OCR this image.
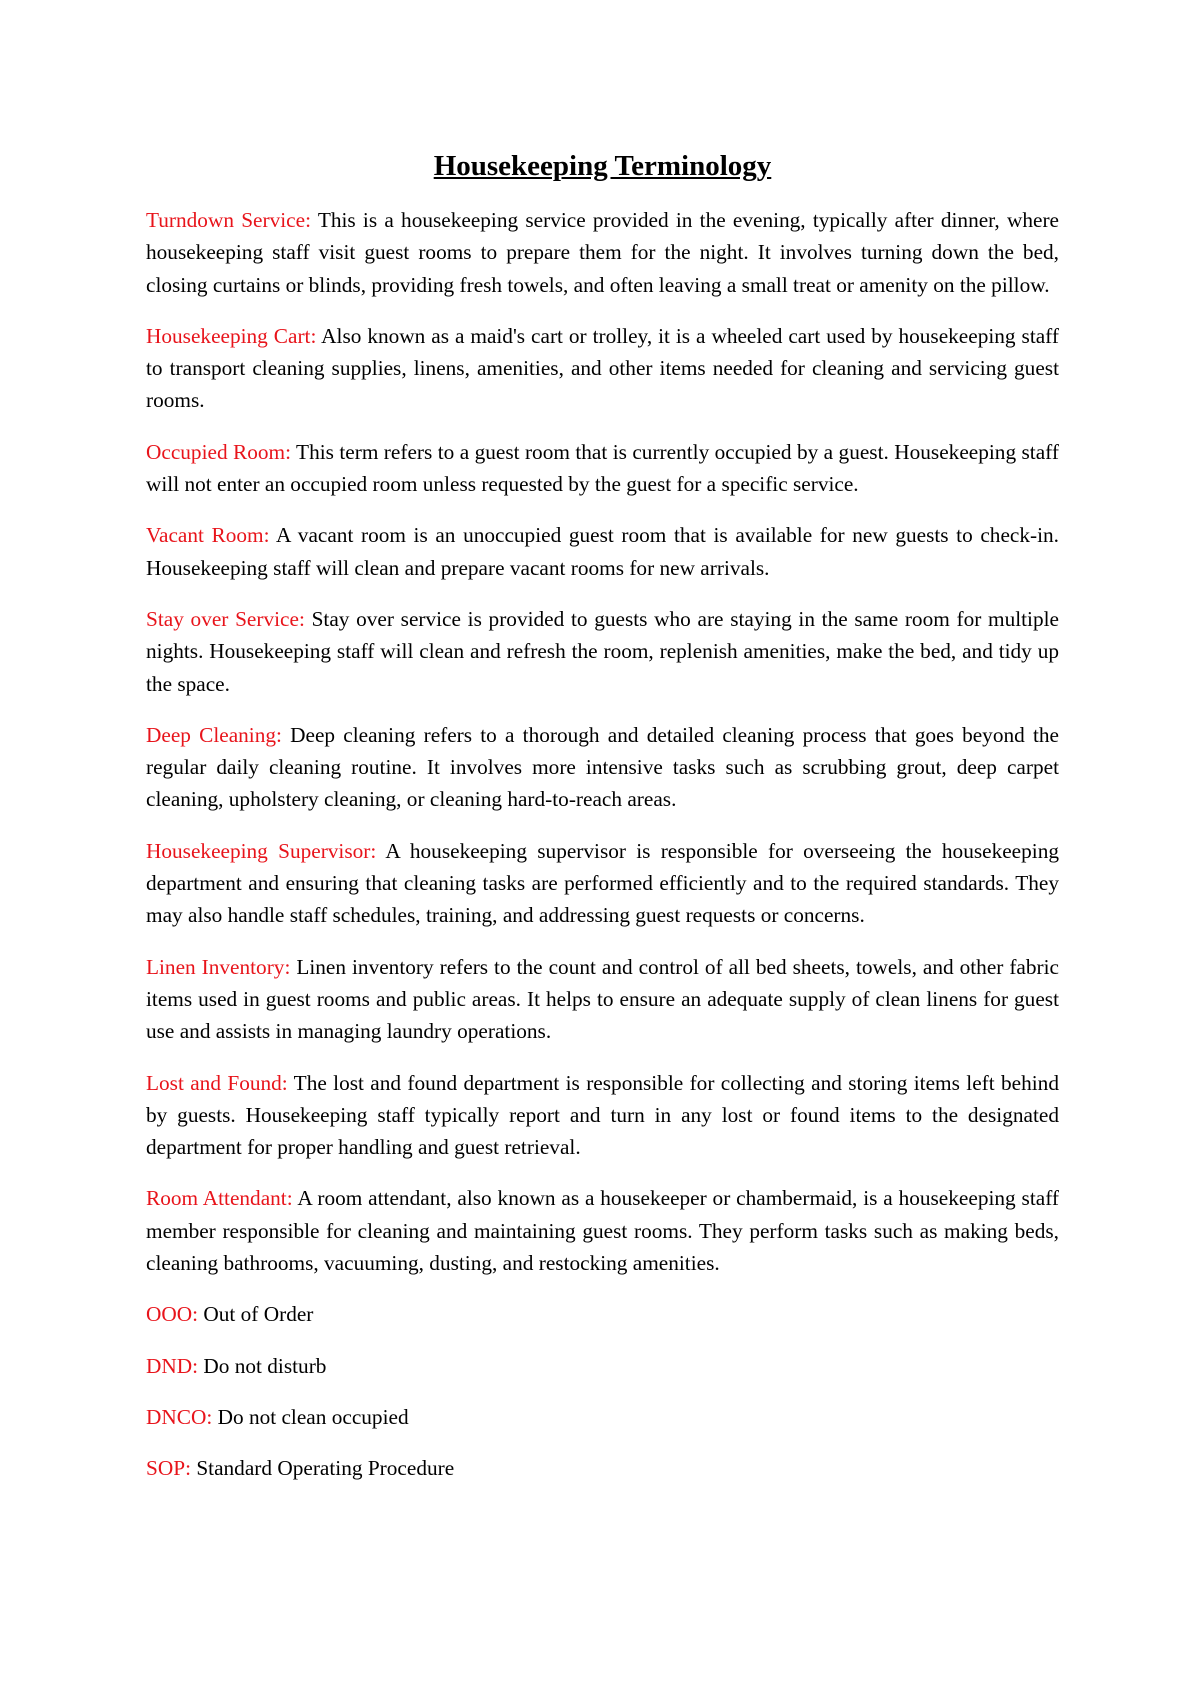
Housekeeping Terminology

Turndown Service: This is a housekeeping service provided in the evening, typically after dinner, where housekeeping staff visit guest rooms to prepare them for the night. It involves turning down the bed, closing curtains or blinds, providing fresh towels, and often leaving a small treat or amenity on the pillow.

Housekeeping Cart: Also known as a maid's cart or trolley, it is a wheeled cart used by housekeeping staff to transport cleaning supplies, linens, amenities, and other items needed for cleaning and servicing guest rooms.

Occupied Room: This term refers to a guest room that is currently occupied by a guest. Housekeeping staff will not enter an occupied room unless requested by the guest for a specific service.

Vacant Room: A vacant room is an unoccupied guest room that is available for new guests to check-in. Housekeeping staff will clean and prepare vacant rooms for new arrivals.

Stay over Service: Stay over service is provided to guests who are staying in the same room for multiple nights. Housekeeping staff will clean and refresh the room, replenish amenities, make the bed, and tidy up the space.

Deep Cleaning: Deep cleaning refers to a thorough and detailed cleaning process that goes beyond the regular daily cleaning routine. It involves more intensive tasks such as scrubbing grout, deep carpet cleaning, upholstery cleaning, or cleaning hard-to-reach areas.

Housekeeping Supervisor: A housekeeping supervisor is responsible for overseeing the housekeeping department and ensuring that cleaning tasks are performed efficiently and to the required standards. They may also handle staff schedules, training, and addressing guest requests or concerns.

Linen Inventory: Linen inventory refers to the count and control of all bed sheets, towels, and other fabric items used in guest rooms and public areas. It helps to ensure an adequate supply of clean linens for guest use and assists in managing laundry operations.

Lost and Found: The lost and found department is responsible for collecting and storing items left behind by guests. Housekeeping staff typically report and turn in any lost or found items to the designated department for proper handling and guest retrieval.

Room Attendant: A room attendant, also known as a housekeeper or chambermaid, is a housekeeping staff member responsible for cleaning and maintaining guest rooms. They perform tasks such as making beds, cleaning bathrooms, vacuuming, dusting, and restocking amenities.

OOO: Out of Order

DND: Do not disturb

DNCO: Do not clean occupied

SOP: Standard Operating Procedure
